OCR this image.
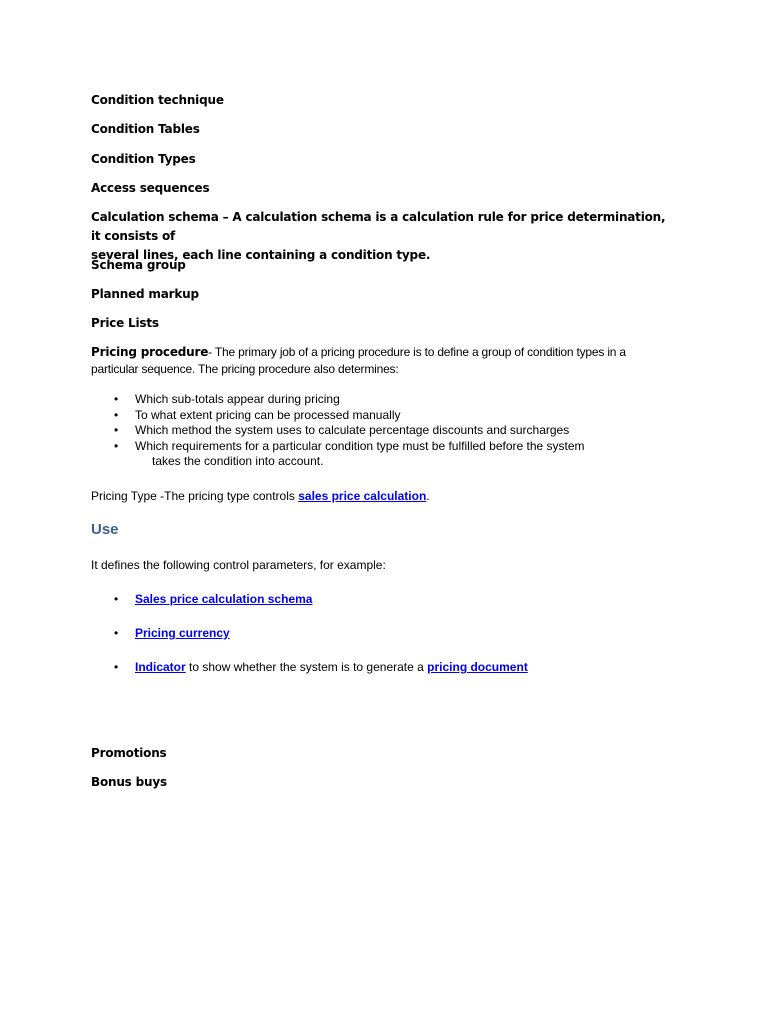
Condition technique

Condition Tables

Condition Types

Access sequences

Calculation schema – A calculation schema is a calculation rule for price determination, it consists of
several lines, each line containing a condition type.

Schema group

Planned markup

Price Lists

Pricing procedure- The primary job of a pricing procedure is to define a group of condition types in a
particular sequence. The pricing procedure also determines:
• Which sub-totals appear during pricing
• To what extent pricing can be processed manually
• Which method the system uses to calculate percentage discounts and surcharges
• Which requirements for a particular condition type must be fulfilled before the system
takes the condition into account.

Pricing Type -The pricing type controls sales price calculation.

Use

It defines the following control parameters, for example:

• Sales price calculation schema
• Pricing currency
• Indicator to show whether the system is to generate a pricing document

Promotions

Bonus buys
